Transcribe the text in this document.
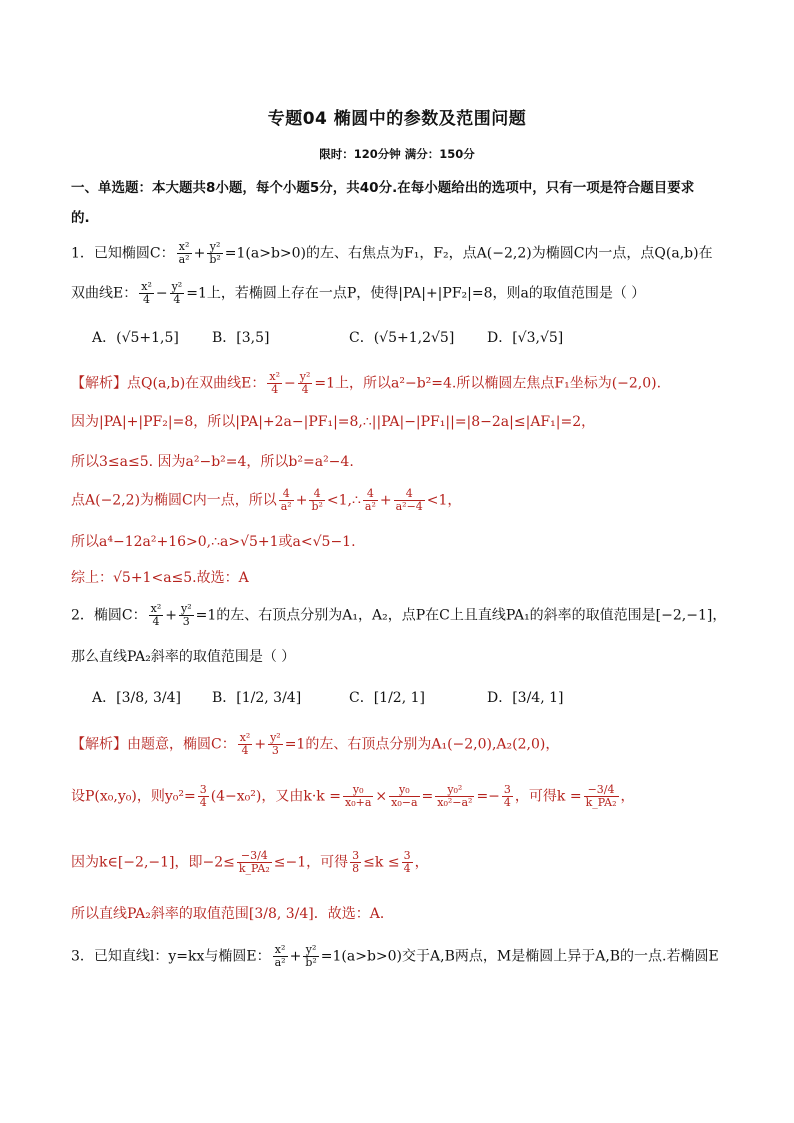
专题04 椭圆中的参数及范围问题
限时：120分钟 满分：150分
一、单选题：本大题共8小题，每个小题5分，共40分.在每小题给出的选项中，只有一项是符合题目要求
的.
1．已知椭圆C： $\frac{\text{x²}}{\text{a²}} + \frac{\text{y²}}{\text{b²}} =1(a>b>0)$的左、右焦点为F₁，F₂，点A(−2,2)为椭圆C内一点，点Q(a,b)在
双曲线E： $\frac{\text{x²}}{4} - \frac{\text{y²}}{4} =1$上，若椭圆上存在一点P，使得|PA|+|PF₂|=8，则a的取值范围是（ ）
A．(√5+1,5] B．[3,5]	C．(√5+1,2√5] D．[√3,√5]
【解析】点Q(a,b)在双曲线E： $\frac{\text{x²}}{4} - \frac{\text{y²}}{4} =1$上，所以a²−b²=4.所以椭圆左焦点F₁坐标为(−2,0).
因为|PA|+|PF₂|=8，所以|PA|+2a−|PF₁|=8,∴||PA|−|PF₁||=|8−2a|≤|AF₁|=2，
所以3≤a≤5. 因为a²−b²=4，所以b²=a²−4.
点A(−2,2)为椭圆C内一点，所以 $\frac{4}{\text{a²}} + \frac{4}{\text{b²}}$ <1,∴ $\frac{4}{\text{a²}} + \frac{4}{\text{a²−4}} <1$，
所以a⁴−12a²+16>0,∴a>√5+1或a<√5−1.
综上：√5+1<a≤5.故选：A
2．椭圆C： $\frac{\text{x²}}{4} + \frac{\text{y²}}{3} =1$的左、右顶点分别为A₁，A₂，点P在C上且直线PA₁的斜率的取值范围是[−2,−1]，
那么直线PA₂斜率的取值范围是（ ）
A．[3/8, 3/4] B．[1/2, 3/4]	C．[1/2, 1]	D．[3/4, 1]
【解析】由题意，椭圆C： $\frac{\text{x²}}{4} + \frac{\text{y²}}{3} =1$的左、右顶点分别为A₁(−2,0),A₂(2,0)，
设P(x₀,y₀)，则$y_0^2= \frac{3}{4} (4-x_0^2)$，又由$k\cdot k = \frac{\text{y₀}}{\text{x₀+a}} \times \frac{\text{y₀}}{\text{x₀−a}} = \frac{\text{y₀²}}{\text{x₀²−a²}} =- \frac{3}{4}$ ，可得$k = \frac{-3/4}{\text{k\_PA₂}}$ ，
因为k∈[−2,−1]，即$-2\le \frac{-3/4}{\text{k\_PA₂}} \le-1$，可得 $\frac{3}{8} \le k \le \frac{3}{4}$ ，
所以直线PA₂斜率的取值范围[3/8, 3/4]．故选：A．
3．已知直线l：y=kx与椭圆E： $\frac{\text{x²}}{\text{a²}} + \frac{\text{y²}}{\text{b²}} =1(a>b>0)$交于A,B两点，M是椭圆上异于A,B的一点.若椭圆E
